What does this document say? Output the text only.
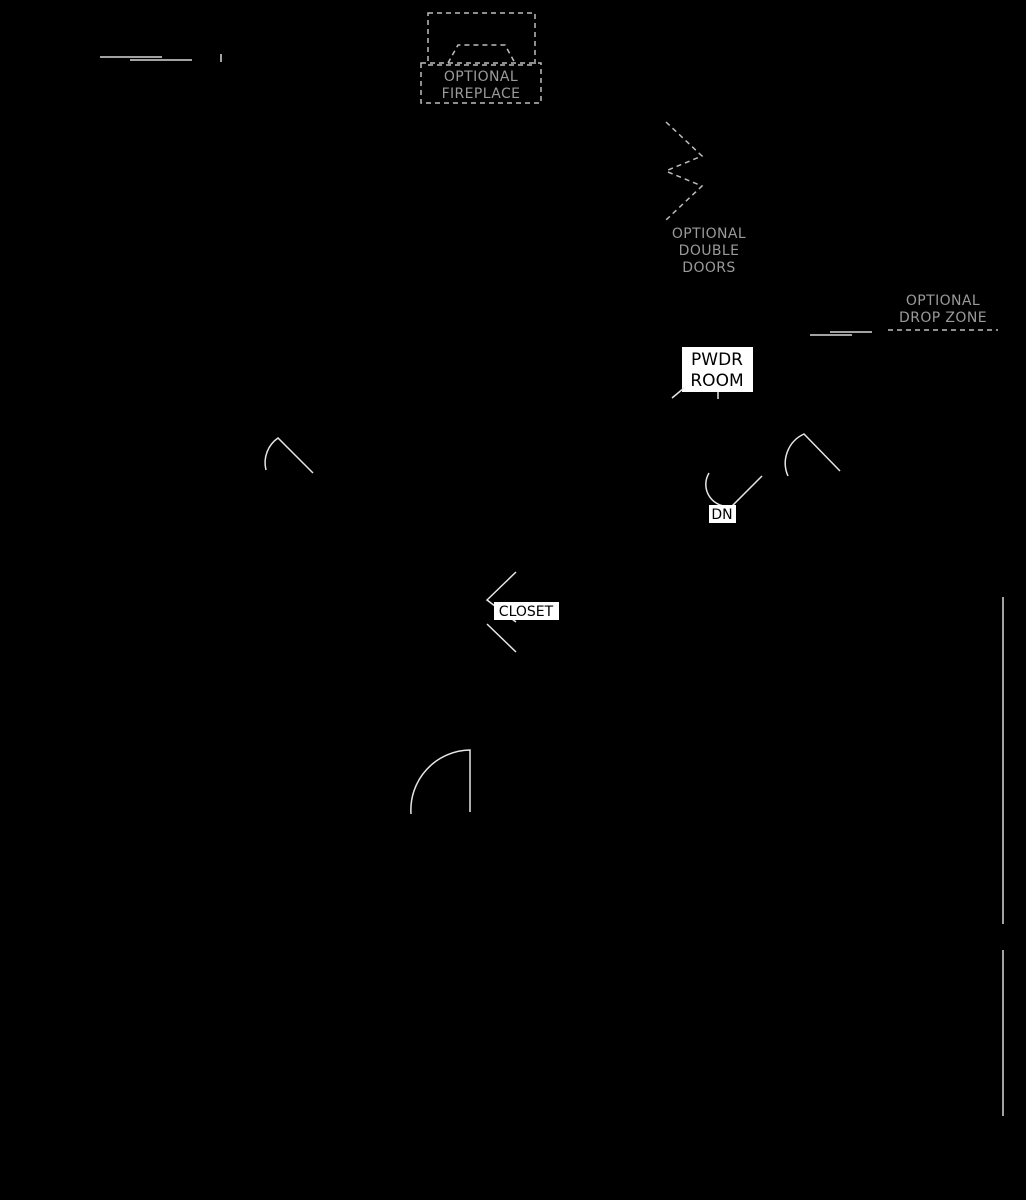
OPTIONAL
FIREPLACE
OPTIONAL
DOUBLE
DOORS
OPTIONAL
DROP ZONE
PWDR
ROOM
DN
CLOSET
